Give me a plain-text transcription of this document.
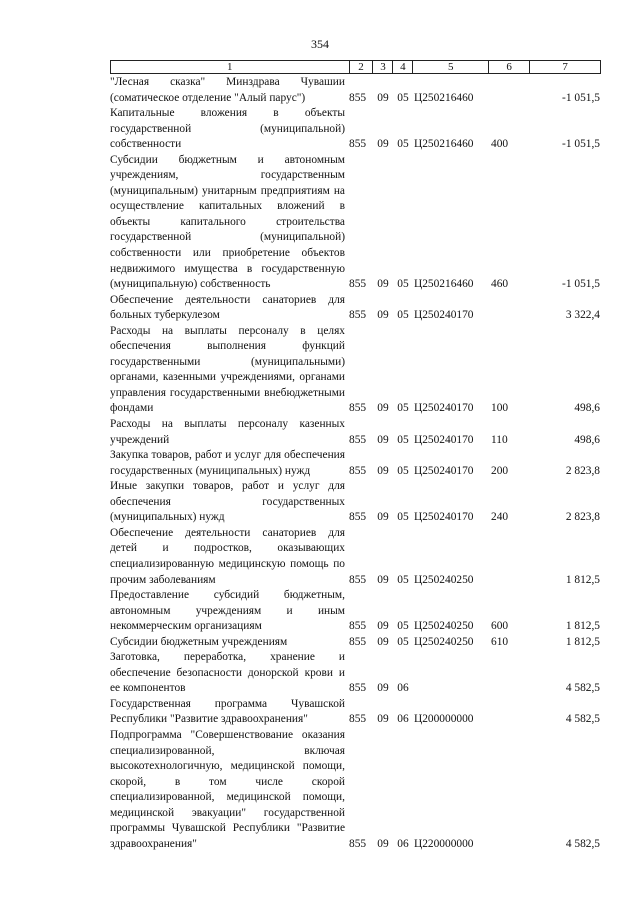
354
1	2	3	4	5	6	7
"Лесная сказка" Минздрава Чувашии (соматическое отделение "Алый парус")	855 09 05 Ц250216460	-1 051,5
Капитальные вложения в объекты государственной (муниципальной) собственности	855 09 05 Ц250216460	400	-1 051,5
Субсидии бюджетным и автономным учреждениям, государственным (муниципальным) унитарным предприятиям на осуществление капитальных вложений в объекты капитального строительства государственной (муниципальной) собственности или приобретение объектов недвижимого имущества в государственную (муниципальную) собственность	855 09 05 Ц250216460	460	-1 051,5
Обеспечение деятельности санаториев для больных туберкулезом	855 09 05 Ц250240170	3 322,4
Расходы на выплаты персоналу в целях обеспечения выполнения функций государственными (муниципальными) органами, казенными учреждениями, органами управления государственными внебюджетными фондами	855 09 05 Ц250240170	100	498,6
Расходы на выплаты персоналу казенных учреждений	855 09 05 Ц250240170	110	498,6
Закупка товаров, работ и услуг для обеспечения государственных (муниципальных) нужд	855 09 05 Ц250240170	200	2 823,8
Иные закупки товаров, работ и услуг для обеспечения государственных (муниципальных) нужд	855 09 05 Ц250240170	240	2 823,8
Обеспечение деятельности санаториев для детей и подростков, оказывающих специализированную медицинскую помощь по прочим заболеваниям	855 09 05 Ц250240250	1 812,5
Предоставление субсидий бюджетным, автономным учреждениям и иным некоммерческим организациям	855 09 05 Ц250240250	600	1 812,5
Субсидии бюджетным учреждениям	855 09 05 Ц250240250	610	1 812,5
Заготовка, переработка, хранение и обеспечение безопасности донорской крови и ее компонентов	855 09 06	4 582,5
Государственная программа Чувашской Республики "Развитие здравоохранения"	855 09 06 Ц200000000	4 582,5
Подпрограмма "Совершенствование оказания специализированной, включая высокотехнологичную, медицинской помощи, скорой, в том числе скорой специализированной, медицинской помощи, медицинской эвакуации" государственной программы Чувашской Республики "Развитие здравоохранения"	855 09 06 Ц220000000	4 582,5
